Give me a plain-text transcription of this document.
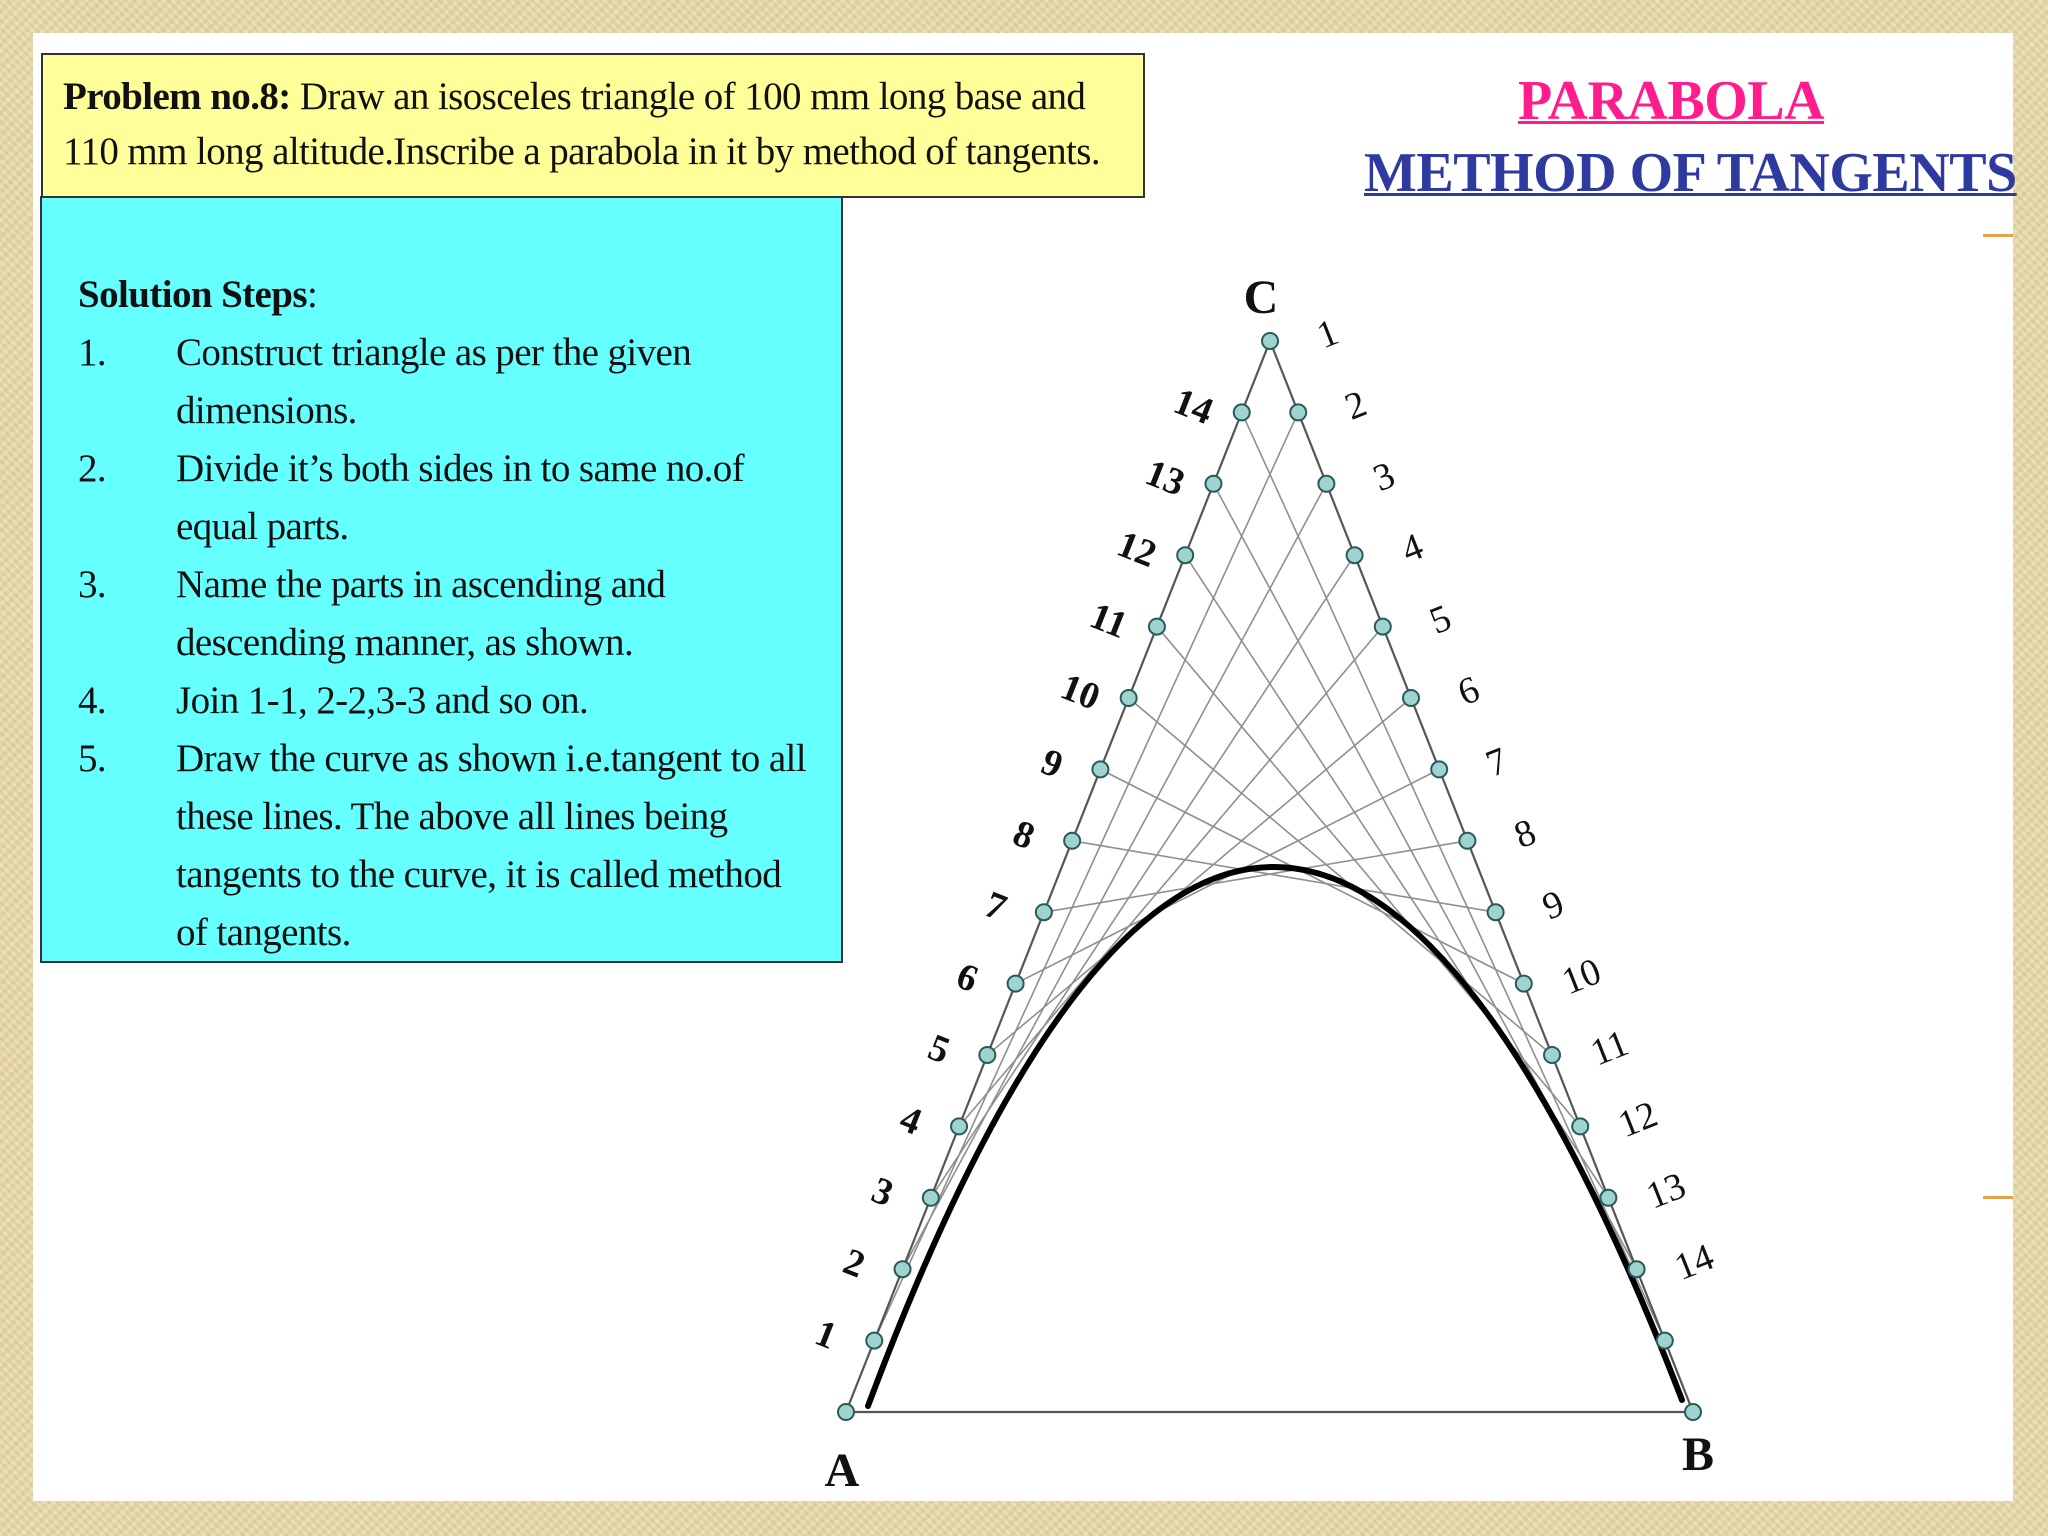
Problem no.8: Draw an isosceles triangle of 100 mm long base and 110 mm long altitude.Inscribe a parabola in it by method of tangents.

Solution Steps:

1. Construct triangle as per the given dimensions.
2. Divide it’s both sides in to same no.of equal parts.
3. Name the parts in ascending and descending manner, as shown.
4. Join 1-1, 2-2,3-3 and so on.
5. Draw the curve as shown i.e.tangent to all these lines. The above all lines being tangents to the curve, it is called method of tangents.
PARABOLA
METHOD OF TANGENTS
1
2
3
4
5
6
7
8
9
10
11
12
13
14
1
2
3
4
5
6
7
8
9
10
11
12
13
14
C
A	B
